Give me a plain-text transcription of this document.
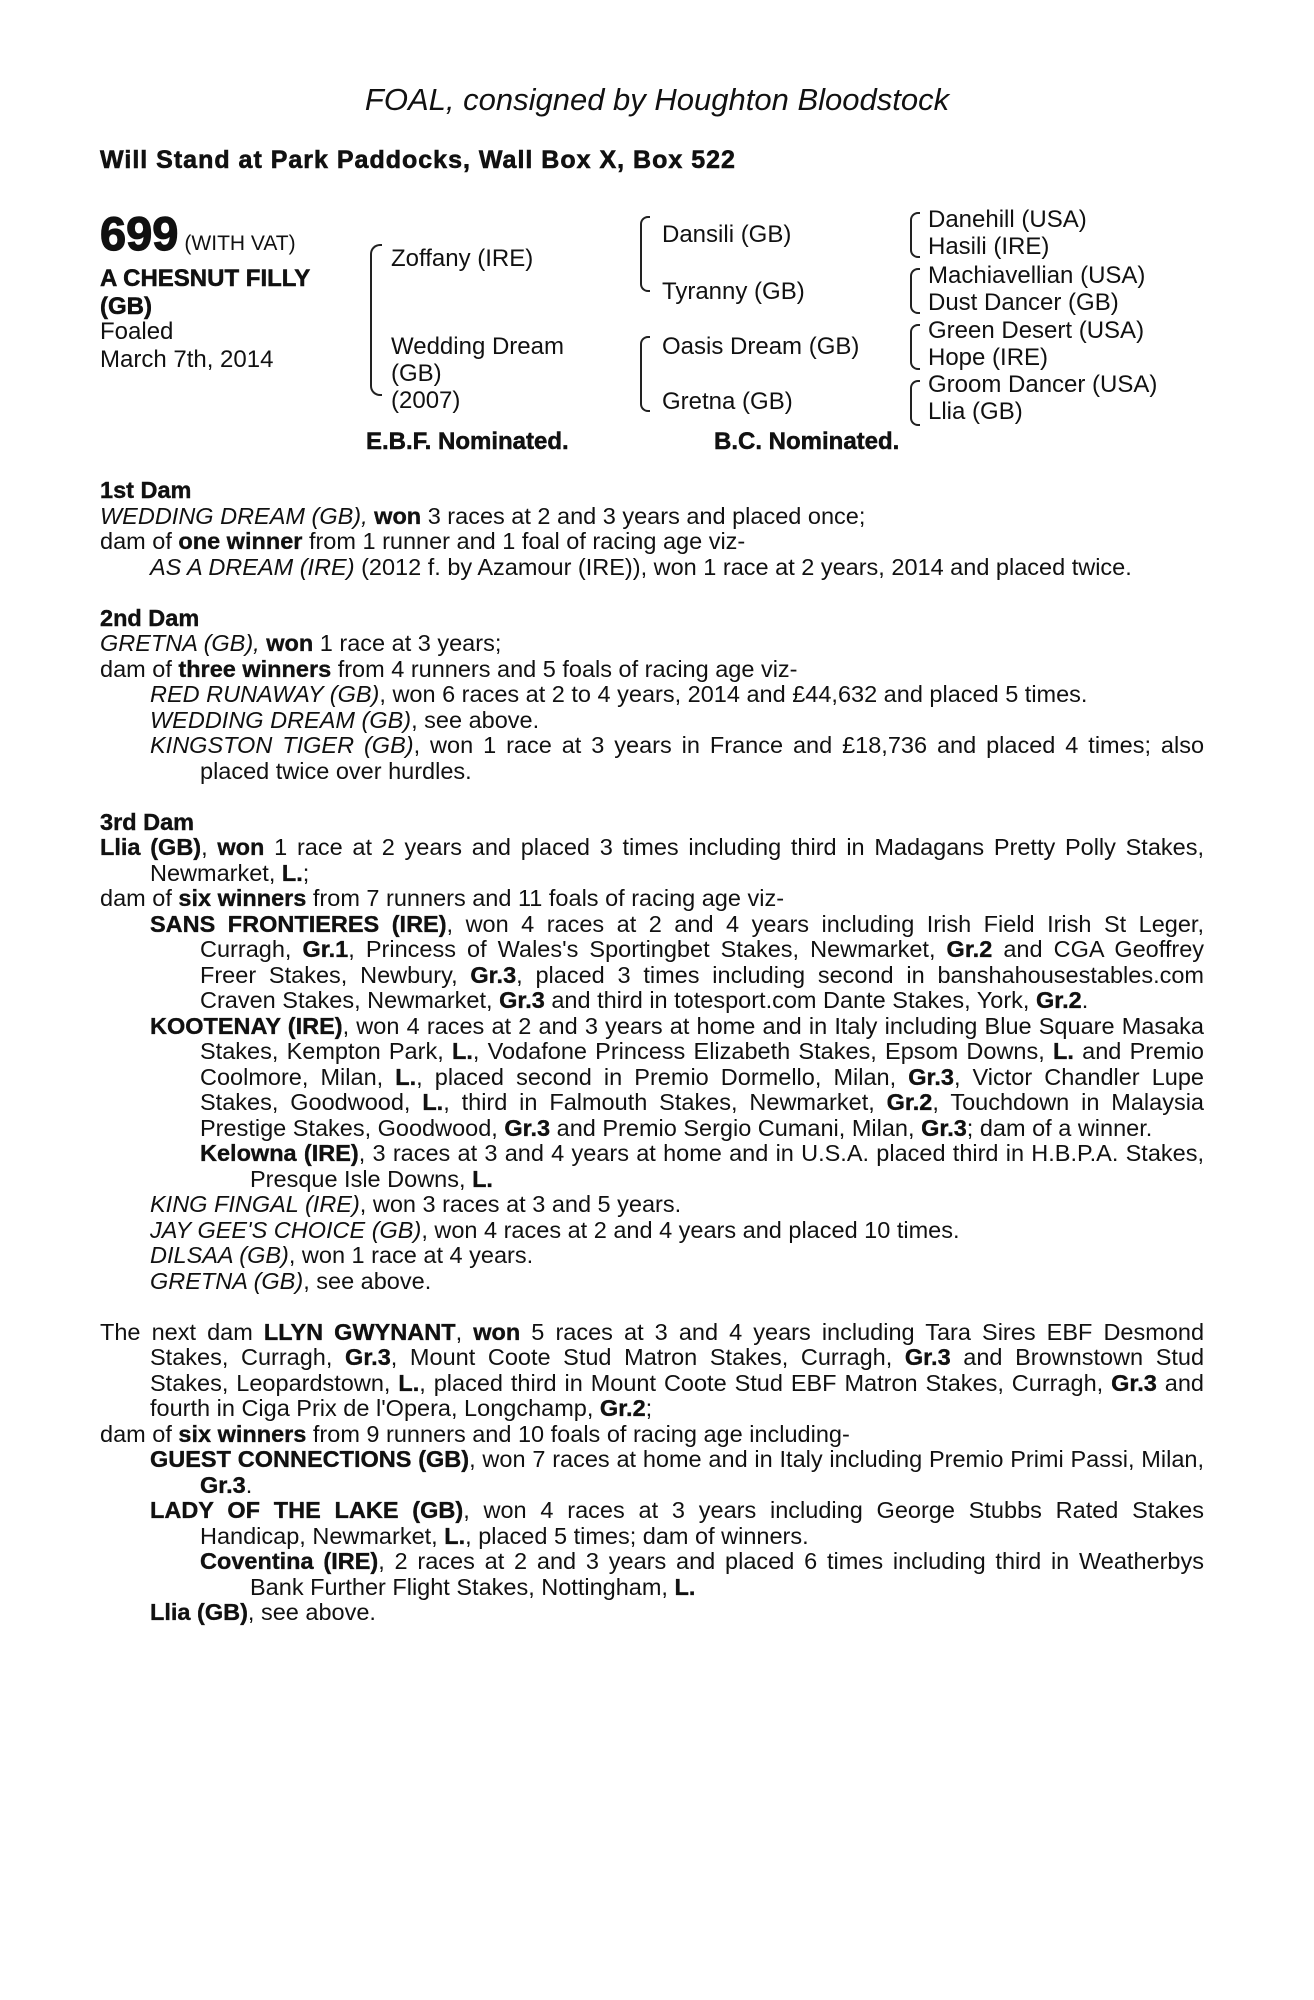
FOAL, consigned by Houghton Bloodstock
Will Stand at Park Paddocks, Wall Box X, Box 522
699 (WITH VAT)
A CHESNUT FILLY (GB)
Foaled
March 7th, 2014
Zoffany (IRE)
Wedding Dream
(GB)
(2007)
Dansili (GB)
Tyranny (GB)
Oasis Dream (GB)
Gretna (GB)
Danehill (USA)
Hasili (IRE)
Machiavellian (USA)
Dust Dancer (GB)
Green Desert (USA)
Hope (IRE)
Groom Dancer (USA)
Llia (GB)
E.B.F. Nominated.	B.C. Nominated.
1st Dam
WEDDING DREAM (GB), won 3 races at 2 and 3 years and placed once;
dam of one winner from 1 runner and 1 foal of racing age viz-
AS A DREAM (IRE) (2012 f. by Azamour (IRE)), won 1 race at 2 years, 2014 and placed twice.
2nd Dam
GRETNA (GB), won 1 race at 3 years;
dam of three winners from 4 runners and 5 foals of racing age viz-
RED RUNAWAY (GB), won 6 races at 2 to 4 years, 2014 and £44,632 and placed 5 times.
WEDDING DREAM (GB), see above.
KINGSTON TIGER (GB), won 1 race at 3 years in France and £18,736 and placed 4 times; also placed twice over hurdles.
3rd Dam
Llia (GB), won 1 race at 2 years and placed 3 times including third in Madagans Pretty Polly Stakes, Newmarket, L.;
dam of six winners from 7 runners and 11 foals of racing age viz-
SANS FRONTIERES (IRE), won 4 races at 2 and 4 years including Irish Field Irish St Leger, Curragh, Gr.1, Princess of Wales's Sportingbet Stakes, Newmarket, Gr.2 and CGA Geoffrey Freer Stakes, Newbury, Gr.3, placed 3 times including second in banshahousestables.com Craven Stakes, Newmarket, Gr.3 and third in totesport.com Dante Stakes, York, Gr.2.
KOOTENAY (IRE), won 4 races at 2 and 3 years at home and in Italy including Blue Square Masaka Stakes, Kempton Park, L., Vodafone Princess Elizabeth Stakes, Epsom Downs, L. and Premio Coolmore, Milan, L., placed second in Premio Dormello, Milan, Gr.3, Victor Chandler Lupe Stakes, Goodwood, L., third in Falmouth Stakes, Newmarket, Gr.2, Touchdown in Malaysia Prestige Stakes, Goodwood, Gr.3 and Premio Sergio Cumani, Milan, Gr.3; dam of a winner.
Kelowna (IRE), 3 races at 3 and 4 years at home and in U.S.A. placed third in H.B.P.A. Stakes, Presque Isle Downs, L.
KING FINGAL (IRE), won 3 races at 3 and 5 years.
JAY GEE'S CHOICE (GB), won 4 races at 2 and 4 years and placed 10 times.
DILSAA (GB), won 1 race at 4 years.
GRETNA (GB), see above.
The next dam LLYN GWYNANT, won 5 races at 3 and 4 years including Tara Sires EBF Desmond Stakes, Curragh, Gr.3, Mount Coote Stud Matron Stakes, Curragh, Gr.3 and Brownstown Stud Stakes, Leopardstown, L., placed third in Mount Coote Stud EBF Matron Stakes, Curragh, Gr.3 and fourth in Ciga Prix de l'Opera, Longchamp, Gr.2;
dam of six winners from 9 runners and 10 foals of racing age including-
GUEST CONNECTIONS (GB), won 7 races at home and in Italy including Premio Primi Passi, Milan, Gr.3.
LADY OF THE LAKE (GB), won 4 races at 3 years including George Stubbs Rated Stakes Handicap, Newmarket, L., placed 5 times; dam of winners.
Coventina (IRE), 2 races at 2 and 3 years and placed 6 times including third in Weatherbys Bank Further Flight Stakes, Nottingham, L.
Llia (GB), see above.
